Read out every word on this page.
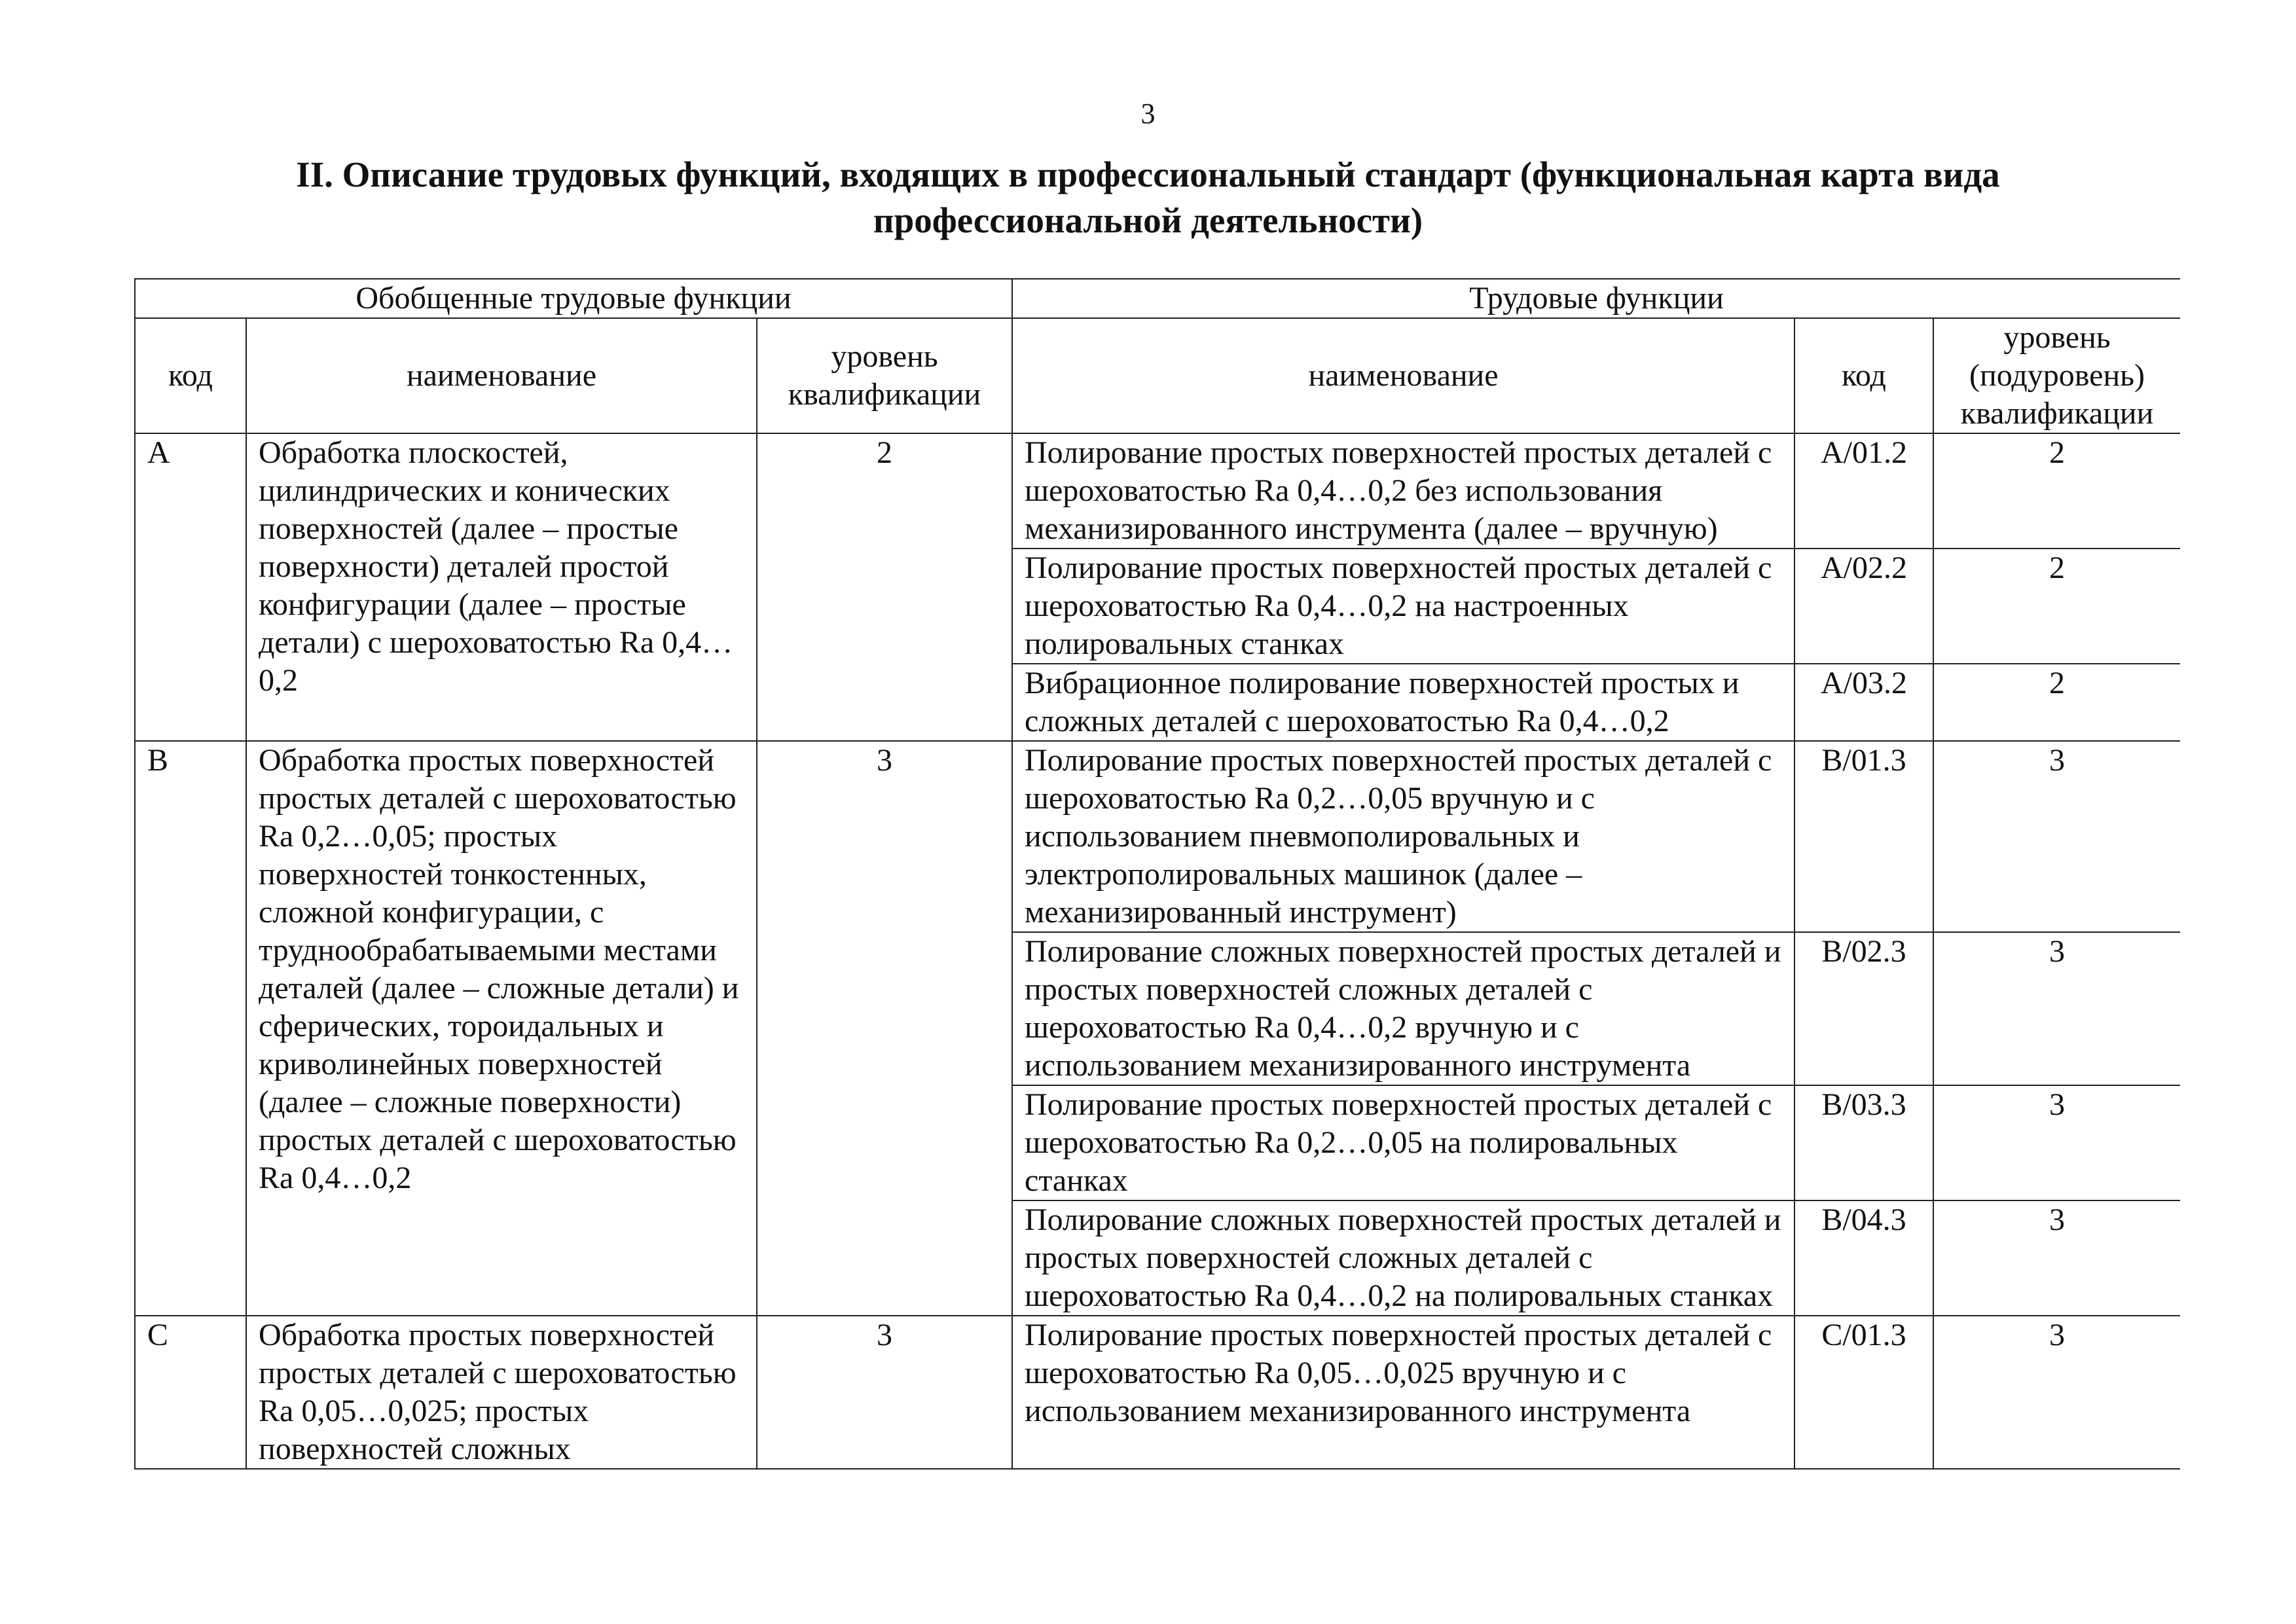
3
II. Описание трудовых функций, входящих в профессиональный стандарт (функциональная карта вида профессиональной деятельности)
Обобщенные трудовые функции			Трудовые функции		
код	наименование	уровень квалификации	наименование	код	уровень (подуровень) квалификации
A	Обработка плоскостей, цилиндрических и конических поверхностей (далее – простые поверхности) деталей простой конфигурации (далее – простые детали) с шероховатостью Ra 0,4…0,2	2	Полирование простых поверхностей простых деталей с шероховатостью Ra 0,4…0,2 без использования механизированного инструмента (далее – вручную)	A/01.2	2
			Полирование простых поверхностей простых деталей с шероховатостью Ra 0,4…0,2 на настроенных полировальных станках	A/02.2	2
			Вибрационное полирование поверхностей простых и сложных деталей с шероховатостью Ra 0,4…0,2	A/03.2	2
B	Обработка простых поверхностей простых деталей с шероховатостью Ra 0,2…0,05; простых поверхностей тонкостенных, сложной конфигурации, с труднообрабатываемыми местами деталей (далее – сложные детали) и сферических, тороидальных и криволинейных поверхностей (далее – сложные поверхности) простых деталей с шероховатостью Ra 0,4…0,2	3	Полирование простых поверхностей простых деталей с шероховатостью Ra 0,2…0,05 вручную и с использованием пневмополировальных и электрополировальных машинок (далее – механизированный инструмент)	B/01.3	3
			Полирование сложных поверхностей простых деталей и простых поверхностей сложных деталей с шероховатостью Ra 0,4…0,2 вручную и с использованием механизированного инструмента	B/02.3	3
			Полирование простых поверхностей простых деталей с шероховатостью Ra 0,2…0,05 на полировальных станках	B/03.3	3
			Полирование сложных поверхностей простых деталей и простых поверхностей сложных деталей с шероховатостью Ra 0,4…0,2 на полировальных станках	B/04.3	3
C	Обработка простых поверхностей простых деталей с шероховатостью Ra 0,05…0,025; простых поверхностей сложных	3	Полирование простых поверхностей простых деталей с шероховатостью Ra 0,05…0,025 вручную и с использованием механизированного инструмента	C/01.3	3
